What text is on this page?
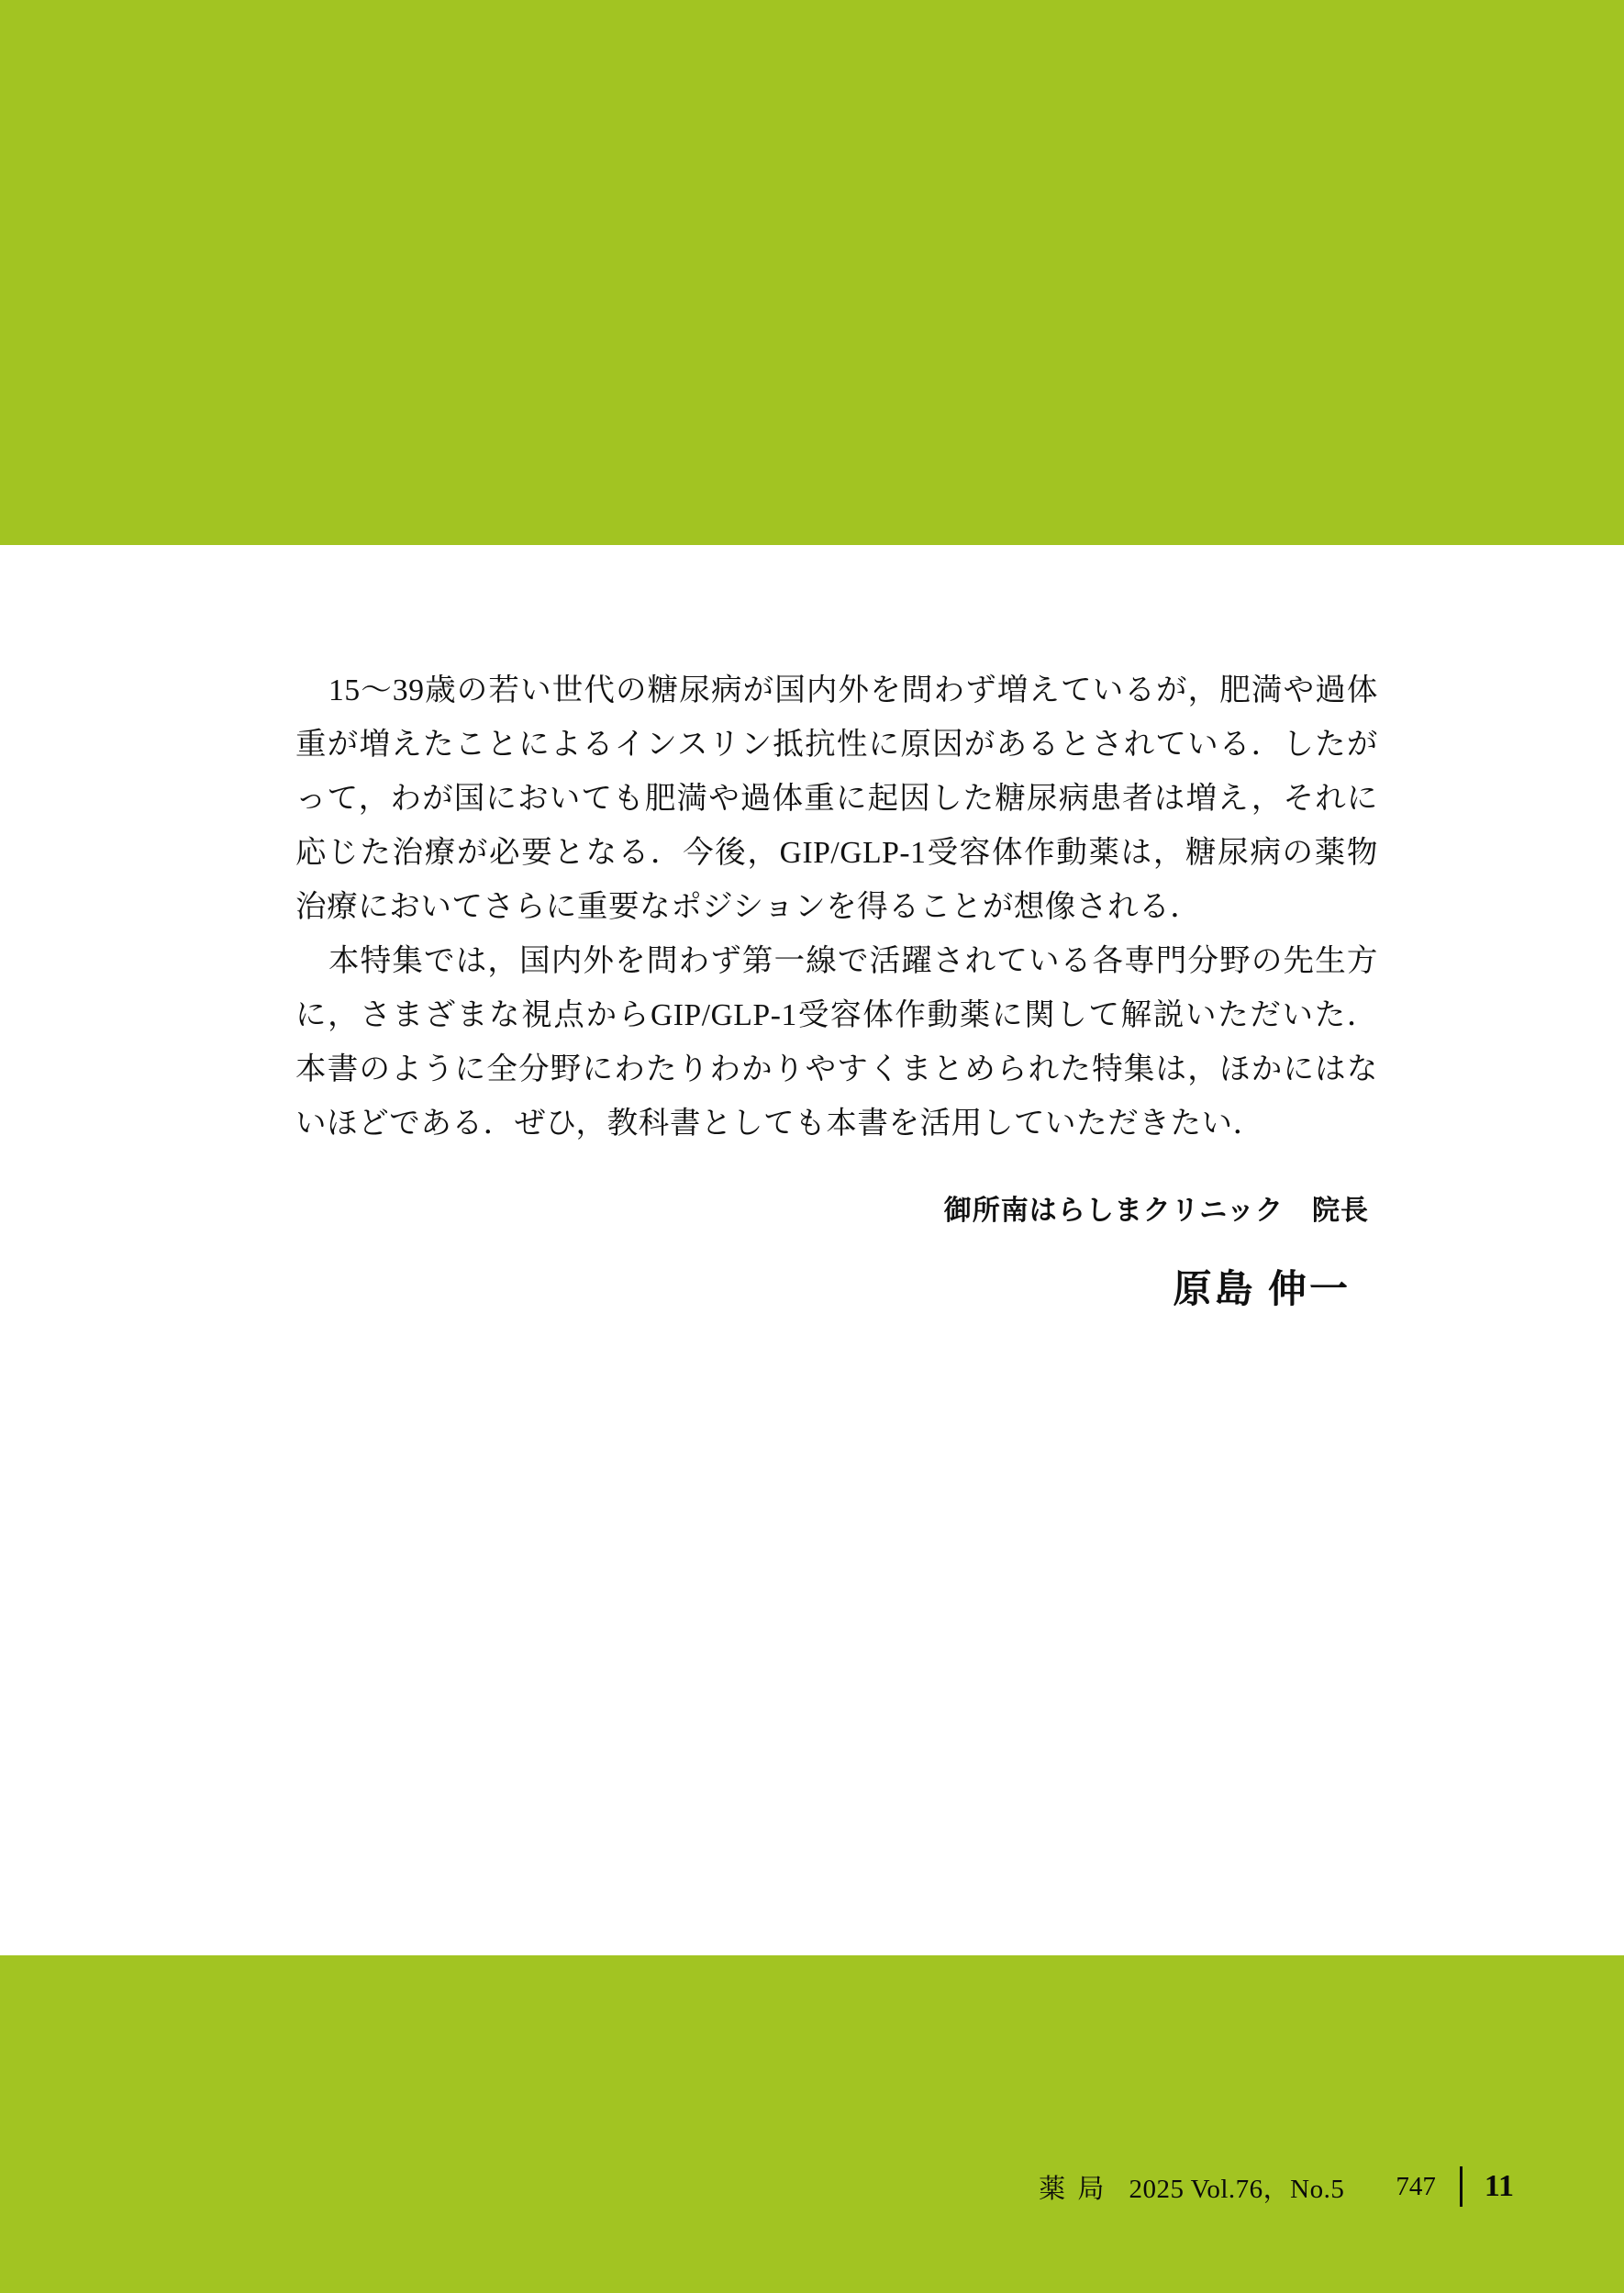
15〜39歳の若い世代の糖尿病が国内外を問わず増えているが，肥満や過体重が増えたことによるインスリン抵抗性に原因があるとされている．したがって，わが国においても肥満や過体重に起因した糖尿病患者は増え，それに応じた治療が必要となる．今後，GIP/GLP-1受容体作動薬は，糖尿病の薬物治療においてさらに重要なポジションを得ることが想像される．

本特集では，国内外を問わず第一線で活躍されている各専門分野の先生方に，さまざまな視点からGIP/GLP-1受容体作動薬に関して解説いただいた．本書のように全分野にわたりわかりやすくまとめられた特集は，ほかにはないほどである．ぜひ，教科書としても本書を活用していただきたい．

御所南はらしまクリニック　院長
原島 伸一
薬 局 2025 Vol.76，No.5 747 11
